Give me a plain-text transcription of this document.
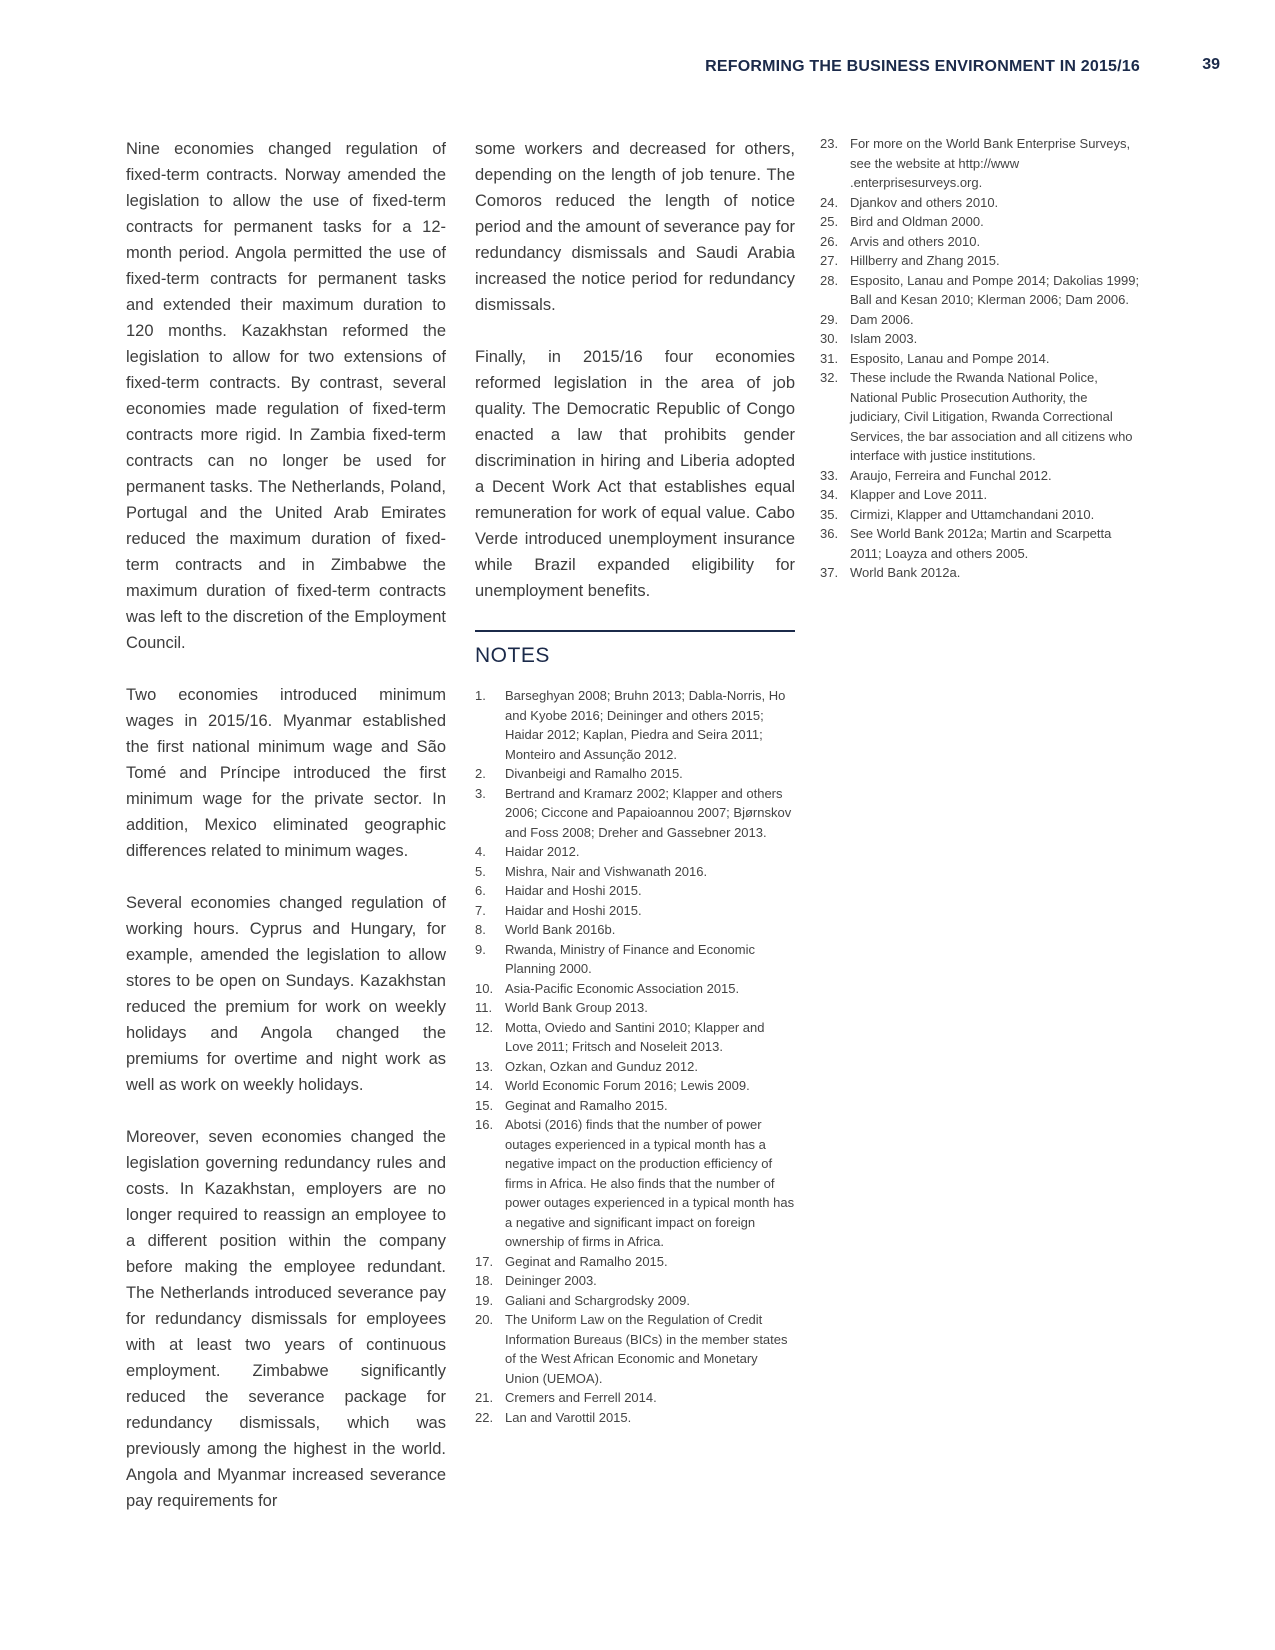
REFORMING THE BUSINESS ENVIRONMENT IN 2015/16	39

Nine economies changed regulation of fixed-term contracts. Norway amended the legislation to allow the use of fixed-term contracts for permanent tasks for a 12-month period. Angola permitted the use of fixed-term contracts for permanent tasks and extended their maximum duration to 120 months. Kazakhstan reformed the legislation to allow for two extensions of fixed-term contracts. By contrast, several economies made regulation of fixed-term contracts more rigid. In Zambia fixed-term contracts can no longer be used for permanent tasks. The Netherlands, Poland, Portugal and the United Arab Emirates reduced the maximum duration of fixed-term contracts and in Zimbabwe the maximum duration of fixed-term contracts was left to the discretion of the Employment Council.

Two economies introduced minimum wages in 2015/16. Myanmar established the first national minimum wage and São Tomé and Príncipe introduced the first minimum wage for the private sector. In addition, Mexico eliminated geographic differences related to minimum wages.

Several economies changed regulation of working hours. Cyprus and Hungary, for example, amended the legislation to allow stores to be open on Sundays. Kazakhstan reduced the premium for work on weekly holidays and Angola changed the premiums for overtime and night work as well as work on weekly holidays.

Moreover, seven economies changed the legislation governing redundancy rules and costs. In Kazakhstan, employers are no longer required to reassign an employee to a different position within the company before making the employee redundant. The Netherlands introduced severance pay for redundancy dismissals for employees with at least two years of continuous employment. Zimbabwe significantly reduced the severance package for redundancy dismissals, which was previously among the highest in the world. Angola and Myanmar increased severance pay requirements for

some workers and decreased for others, depending on the length of job tenure. The Comoros reduced the length of notice period and the amount of severance pay for redundancy dismissals and Saudi Arabia increased the notice period for redundancy dismissals.

Finally, in 2015/16 four economies reformed legislation in the area of job quality. The Democratic Republic of Congo enacted a law that prohibits gender discrimination in hiring and Liberia adopted a Decent Work Act that establishes equal remuneration for work of equal value. Cabo Verde introduced unemployment insurance while Brazil expanded eligibility for unemployment benefits.

NOTES
1.	Barseghyan 2008; Bruhn 2013; Dabla-Norris, Ho and Kyobe 2016; Deininger and others 2015; Haidar 2012; Kaplan, Piedra and Seira 2011; Monteiro and Assunção 2012.
2.	Divanbeigi and Ramalho 2015.
3.	Bertrand and Kramarz 2002; Klapper and others 2006; Ciccone and Papaioannou 2007; Bjørnskov and Foss 2008; Dreher and Gassebner 2013.
4.	Haidar 2012.
5.	Mishra, Nair and Vishwanath 2016.
6.	Haidar and Hoshi 2015.
7.	Haidar and Hoshi 2015.
8.	World Bank 2016b.
9.	Rwanda, Ministry of Finance and Economic Planning 2000.
10. Asia-Pacific Economic Association 2015.
11. World Bank Group 2013.
12. Motta, Oviedo and Santini 2010; Klapper and Love 2011; Fritsch and Noseleit 2013.
13. Ozkan, Ozkan and Gunduz 2012.
14. World Economic Forum 2016; Lewis 2009.
15. Geginat and Ramalho 2015.
16. Abotsi (2016) finds that the number of power outages experienced in a typical month has a negative impact on the production efficiency of firms in Africa. He also finds that the number of power outages experienced in a typical month has a negative and significant impact on foreign ownership of firms in Africa.
17. Geginat and Ramalho 2015.
18. Deininger 2003.
19. Galiani and Schargrodsky 2009.
20. The Uniform Law on the Regulation of Credit Information Bureaus (BICs) in the member states of the West African Economic and Monetary Union (UEMOA).
21. Cremers and Ferrell 2014.
22. Lan and Varottil 2015.
23. For more on the World Bank Enterprise Surveys, see the website at http://www .enterprisesurveys.org.
24. Djankov and others 2010.
25. Bird and Oldman 2000.
26. Arvis and others 2010.
27. Hillberry and Zhang 2015.
28. Esposito, Lanau and Pompe 2014; Dakolias 1999; Ball and Kesan 2010; Klerman 2006; Dam 2006.
29. Dam 2006.
30. Islam 2003.
31. Esposito, Lanau and Pompe 2014.
32. These include the Rwanda National Police, National Public Prosecution Authority, the judiciary, Civil Litigation, Rwanda Correctional Services, the bar association and all citizens who interface with justice institutions.
33. Araujo, Ferreira and Funchal 2012.
34. Klapper and Love 2011.
35. Cirmizi, Klapper and Uttamchandani 2010.
36. See World Bank 2012a; Martin and Scarpetta 2011; Loayza and others 2005.
37. World Bank 2012a.
